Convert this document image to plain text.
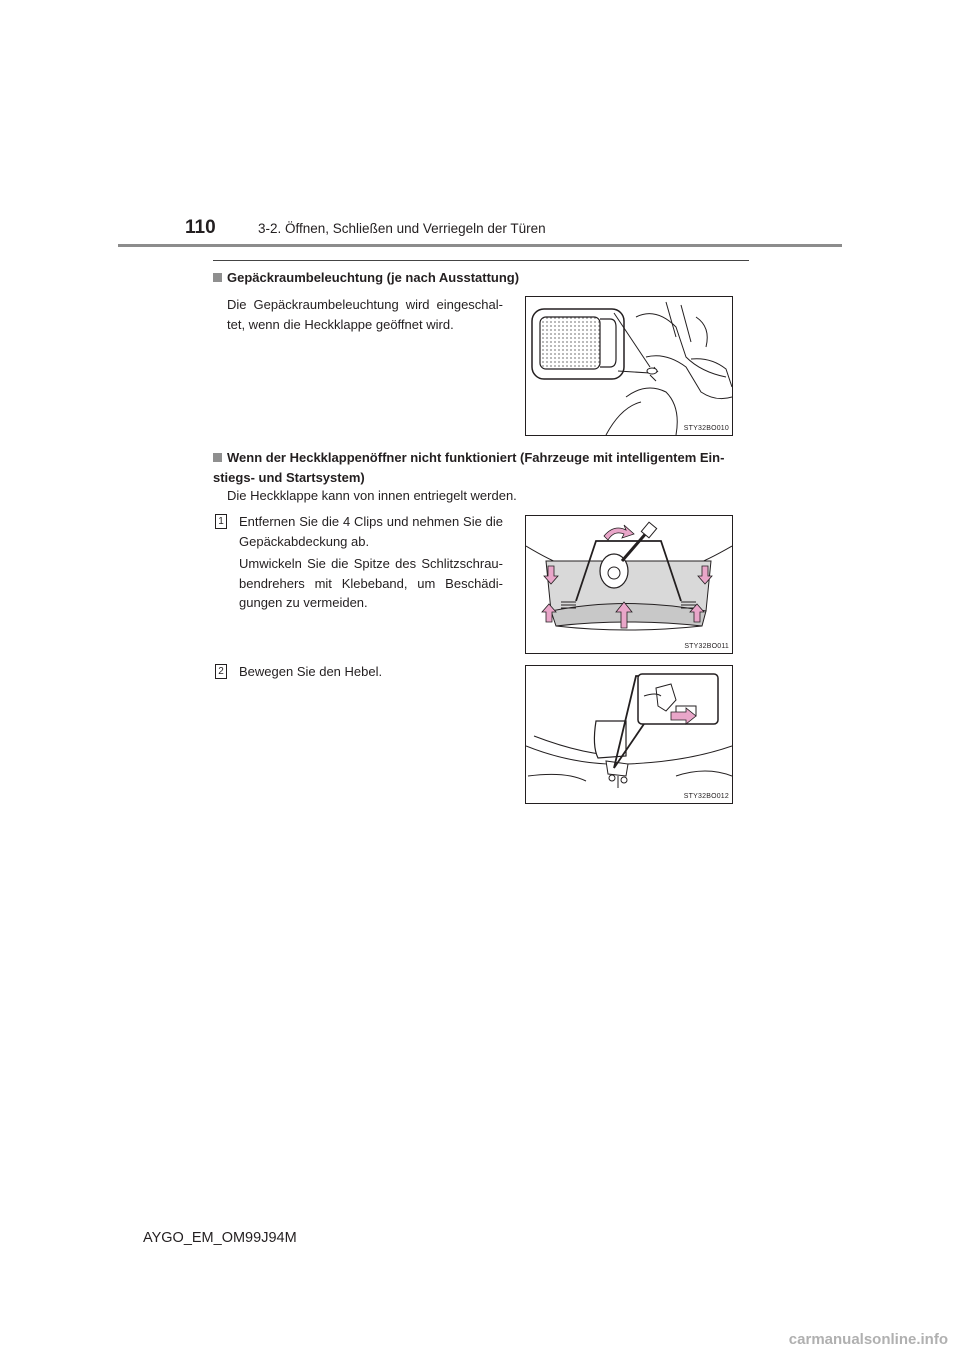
110	3-2. Öffnen, Schließen und Verriegeln der Türen
Gepäckraumbeleuchtung (je nach Ausstattung)
Die Gepäckraumbeleuchtung wird eingeschal-tet, wenn die Heckklappe geöffnet wird.
STY32BO010
Wenn der Heckklappenöffner nicht funktioniert (Fahrzeuge mit intelligentem Ein-stiegs- und Startsystem)
Die Heckklappe kann von innen entriegelt werden.
1 Entfernen Sie die 4 Clips und nehmen Sie die Gepäckabdeckung ab.
Umwickeln Sie die Spitze des Schlitzschrau-bendrehers mit Klebeband, um Beschädi-gungen zu vermeiden.
STY32BO011
2 Bewegen Sie den Hebel.
STY32BO012
AYGO_EM_OM99J94M
carmanualsonline.info
